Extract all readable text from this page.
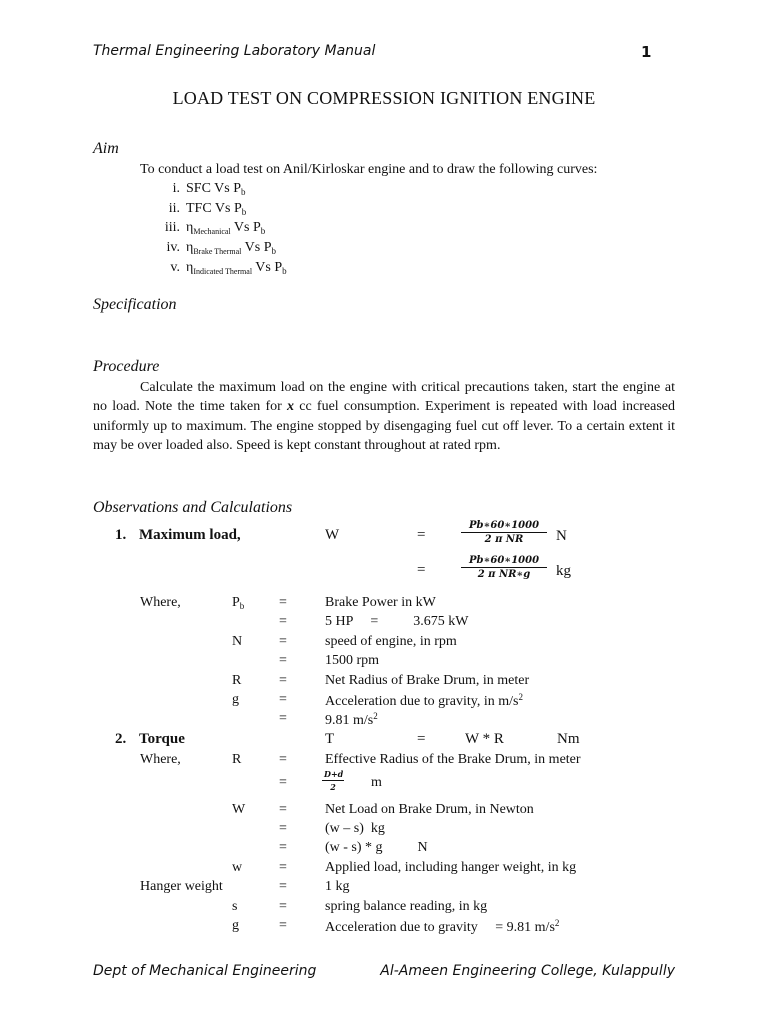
Thermal Engineering Laboratory Manual	1
LOAD TEST ON COMPRESSION IGNITION ENGINE
Aim
To conduct a load test on Anil/Kirloskar engine and to draw the following curves:
i. SFC Vs $P_b$
ii. TFC Vs $P_b$
iii. $\eta_{Mechanical}$ Vs $P_b$
iv. $\eta_{Brake Thermal}$ Vs $P_b$
v. $\eta_{Indicated Thermal}$ Vs $P_b$
Specification
Procedure

Calculate the maximum load on the engine with critical precautions taken, start the engine at no load. Note the time taken for x cc fuel consumption. Experiment is repeated with load increased uniformly up to maximum. The engine stopped by disengaging fuel cut off lever. To a certain extent it may be over loaded also. Speed is kept constant throughout at rated rpm.

Observations and Calculations
1. Maximum load,	W	=	$\frac{Pb∗60∗1000}{\text{2 π NR}}$ N
=	$\frac{Pb∗60∗1000}{\text{2 π NR∗g}}$ kg
Where,	$P_b$ =	Brake Power in kW
=	5 HP     =          3.675 kW
N	=	speed of engine, in rpm
=	1500 rpm
R	=	Net Radius of Brake Drum, in meter
g	=	Acceleration due to gravity, in $m/s^2$
=	9.81 $m/s^2$
2. Torque	T	=	W * R	Nm
Where,	R	=	Effective Radius of the Brake Drum, in meter
=	$\frac{D+d}{2}$ m
W =	Net Load on Brake Drum, in Newton
=	(w – s)  kg
=	(w - s) * g          N
w	=	Applied load, including hanger weight, in kg
Hanger weight	=	1 kg
s	=	spring balance reading, in kg
g	=	Acceleration due to gravity     = 9.81 $m/s^2$
Dept of Mechanical Engineering	Al-Ameen Engineering College, Kulappully
